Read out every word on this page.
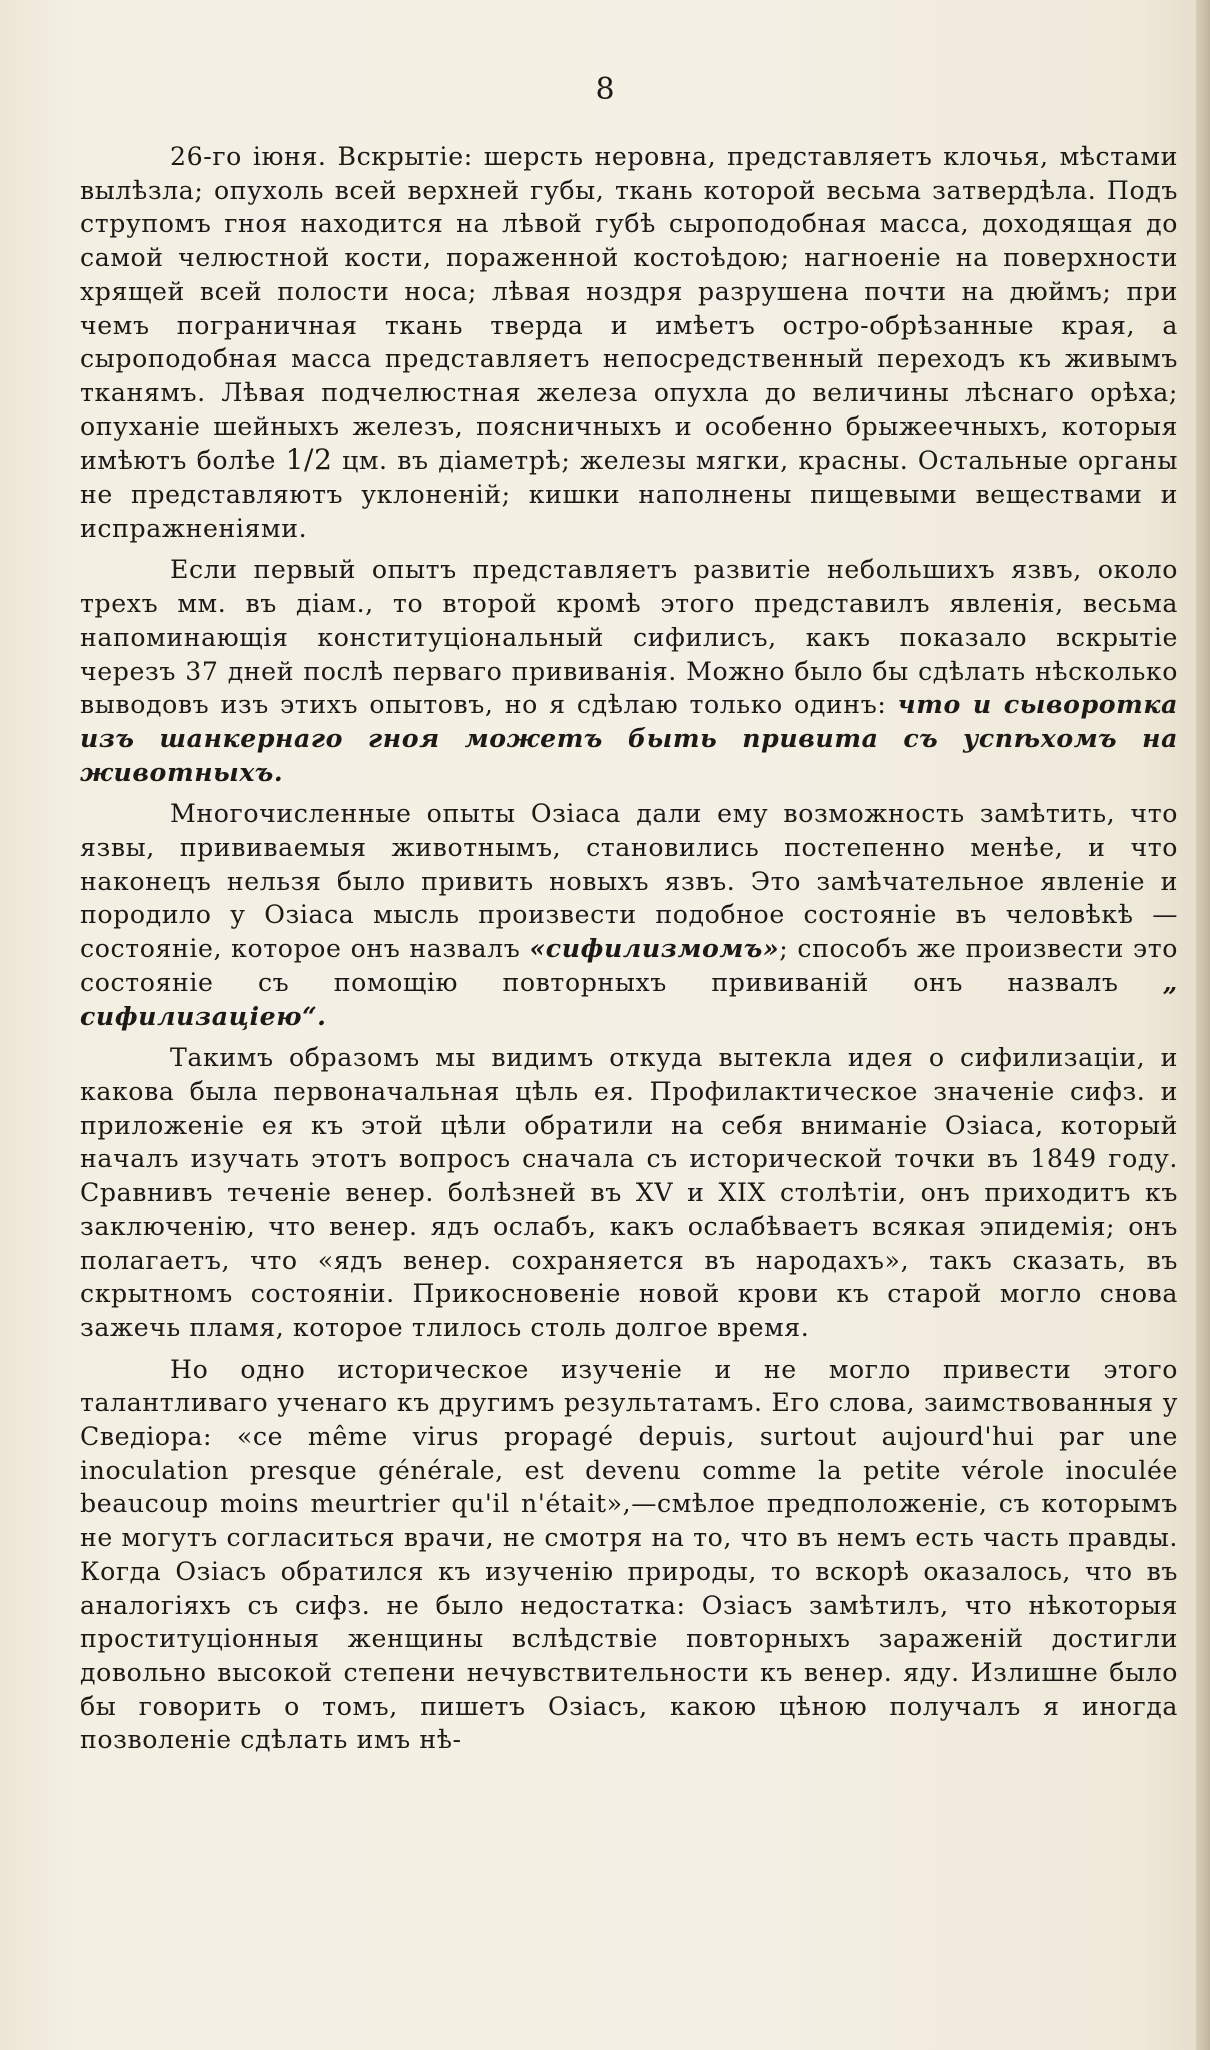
8

26-го іюня. Вскрытіе: шерсть неровна, представляетъ клочья, мѣстами вылѣзла; опухоль всей верхней губы, ткань которой весьма затвердѣла. Подъ струпомъ гноя находится на лѣвой губѣ сыроподобная масса, доходящая до самой челюстной кости, пораженной костоѣдою; нагноеніе на поверхности хрящей всей полости носа; лѣвая ноздря разрушена почти на дюймъ; при чемъ пограничная ткань тверда и имѣетъ остро-обрѣзанные края, а сыроподобная масса представляетъ непосредственный переходъ къ живымъ тканямъ. Лѣвая подчелюстная железа опухла до величины лѣснаго орѣха; опуханіе шейныхъ железъ, поясничныхъ и особенно брыжеечныхъ, которыя имѣютъ болѣе 1/2 цм. въ діаметрѣ; железы мягки, красны. Остальные органы не представляютъ уклоненій; кишки наполнены пищевыми веществами и испражненіями.

Если первый опытъ представляетъ развитіе небольшихъ язвъ, около трехъ мм. въ діам., то второй кромѣ этого представилъ явленія, весьма напоминающія конституціональный сифилисъ, какъ показало вскрытіе черезъ 37 дней послѣ перваго прививанія. Можно было бы сдѣлать нѣсколько выводовъ изъ этихъ опытовъ, но я сдѣлаю только одинъ: что и сыворотка изъ шанкернаго гноя можетъ быть привита съ успѣхомъ на животныхъ.

Многочисленные опыты Озіаса дали ему возможность замѣтить, что язвы, прививаемыя животнымъ, становились постепенно менѣе, и что наконецъ нельзя было привить новыхъ язвъ. Это замѣчательное явленіе и породило у Озіаса мысль произвести подобное состояніе въ человѣкѣ — состояніе, которое онъ назвалъ «сифилизмомъ»; способъ же произвести это состояніе съ помощію повторныхъ прививаній онъ назвалъ „ сифилизацiею“.

Такимъ образомъ мы видимъ откуда вытекла идея о сифилизаціи, и какова была первоначальная цѣль ея. Профилактическое значеніе сифз. и приложеніе ея къ этой цѣли обратили на себя вниманіе Озіаса, который началъ изучать этотъ вопросъ сначала съ исторической точки въ 1849 году. Сравнивъ теченіе венер. болѣзней въ XV и XIX столѣтіи, онъ приходитъ къ заключенію, что венер. ядъ ослабъ, какъ ослабѣваетъ всякая эпидемія; онъ полагаетъ, что «ядъ венер. сохраняется въ народахъ», такъ сказать, въ скрытномъ состояніи. Прикосновеніе новой крови къ старой могло снова зажечь пламя, которое тлилось столь долгое время.

Но одно историческое изученіе и не могло привести этого талантливаго ученаго къ другимъ результатамъ. Его слова, заимствованныя у Сведіора: «ce même virus propagé depuis, surtout aujourd'hui par une inoculation presque générale, est devenu comme la petite vérole inoculée beaucoup moins meurtrier qu'il n'était»,—смѣлое предположеніе, съ которымъ не могутъ согласиться врачи, не смотря на то, что въ немъ есть часть правды. Когда Озіасъ обратился къ изученію природы, то вскорѣ оказалось, что въ аналогіяхъ съ сифз. не было недостатка: Озіасъ замѣтилъ, что нѣкоторыя проституціонныя женщины вслѣдствіе повторныхъ зараженій достигли довольно высокой степени нечувствительности къ венер. яду. Излишне было бы говорить о томъ, пишетъ Озіасъ, какою цѣною получалъ я иногда позволеніе сдѣлать имъ нѣ-
